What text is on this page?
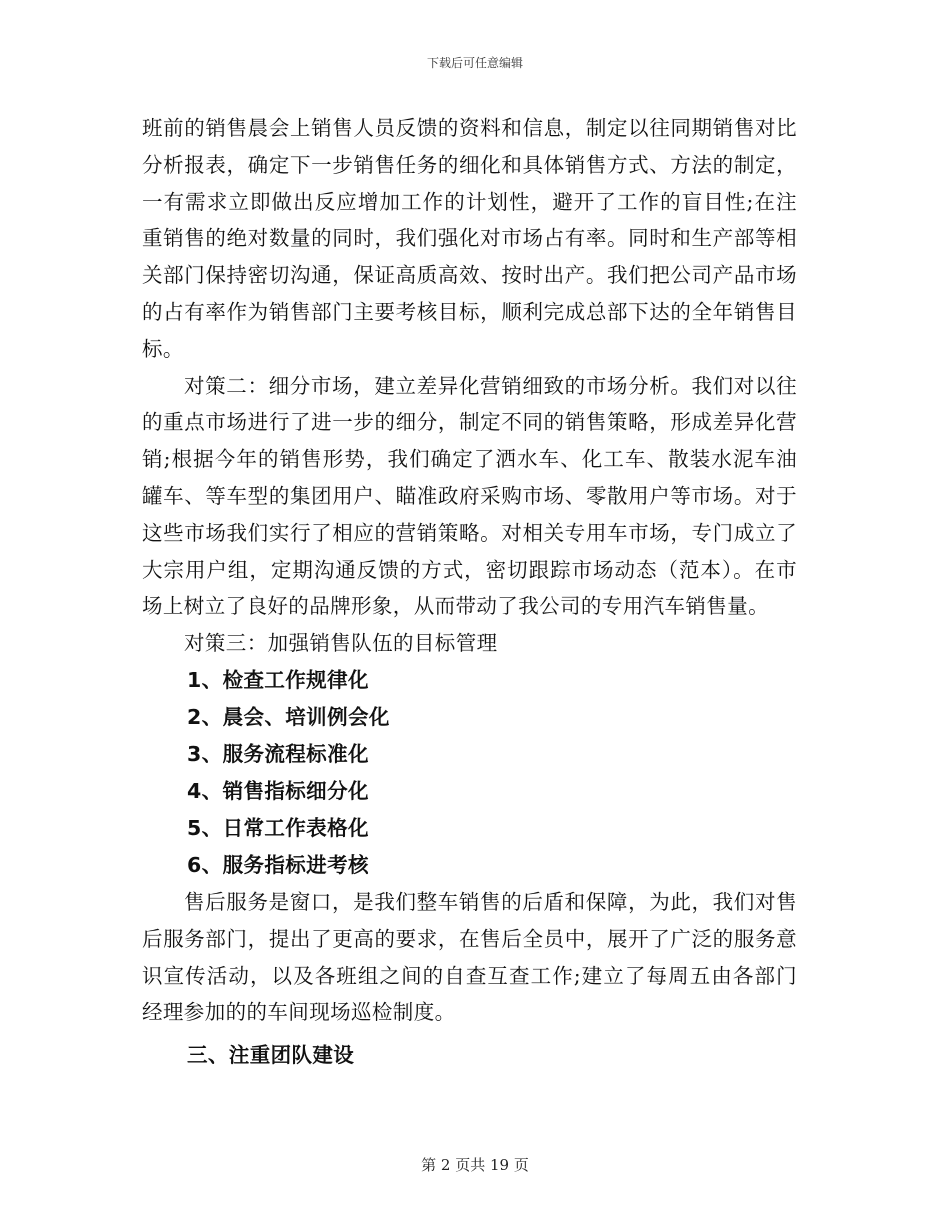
下载后可任意编辑

班前的销售晨会上销售人员反馈的资料和信息，制定以往同期销售对比分析报表，确定下一步销售任务的细化和具体销售方式、方法的制定，一有需求立即做出反应增加工作的计划性，避开了工作的盲目性;在注重销售的绝对数量的同时，我们强化对市场占有率。同时和生产部等相关部门保持密切沟通，保证高质高效、按时出产。我们把公司产品市场的占有率作为销售部门主要考核目标，顺利完成总部下达的全年销售目标。

对策二：细分市场，建立差异化营销细致的市场分析。我们对以往的重点市场进行了进一步的细分，制定不同的销售策略，形成差异化营销;根据今年的销售形势，我们确定了洒水车、化工车、散装水泥车油罐车、等车型的集团用户、瞄准政府采购市场、零散用户等市场。对于这些市场我们实行了相应的营销策略。对相关专用车市场，专门成立了大宗用户组，定期沟通反馈的方式，密切跟踪市场动态（范本）。在市场上树立了良好的品牌形象，从而带动了我公司的专用汽车销售量。

对策三：加强销售队伍的目标管理

1、检查工作规律化
2、晨会、培训例会化
3、服务流程标准化
4、销售指标细分化
5、日常工作表格化
6、服务指标进考核

售后服务是窗口，是我们整车销售的后盾和保障，为此，我们对售后服务部门，提出了更高的要求，在售后全员中，展开了广泛的服务意识宣传活动，以及各班组之间的自查互查工作;建立了每周五由各部门经理参加的的车间现场巡检制度。

三、注重团队建设
第 2 页共 19 页
